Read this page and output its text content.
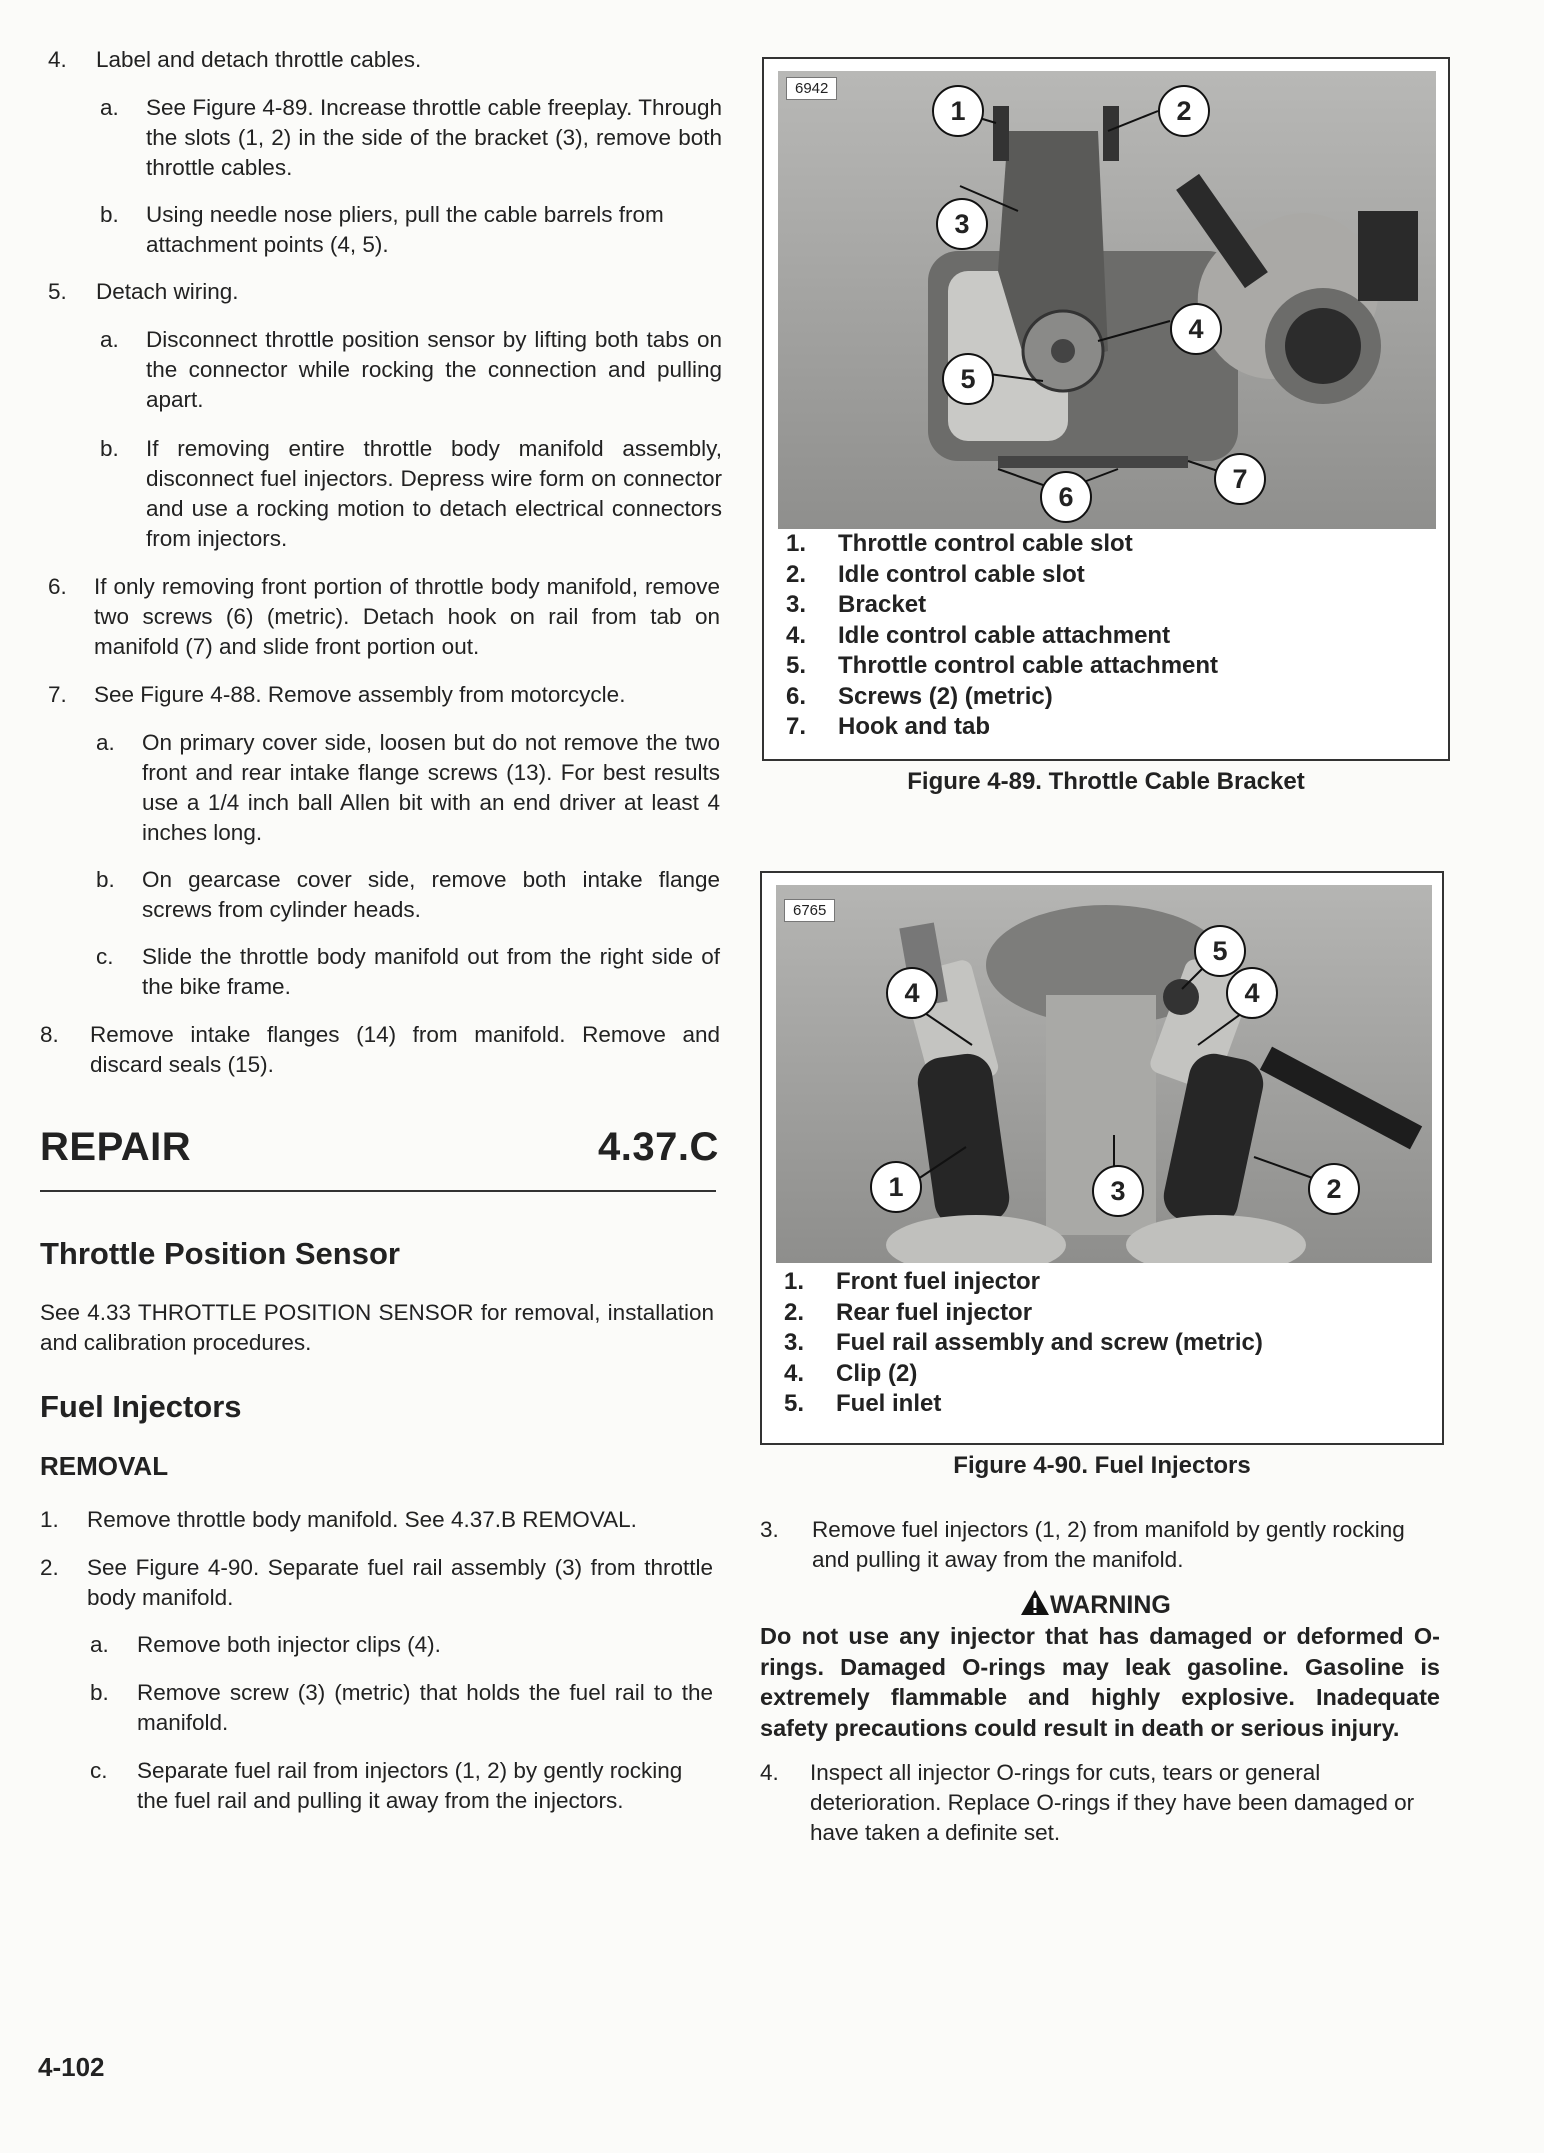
4. Label and detach throttle cables.

a. See Figure 4-89. Increase throttle cable freeplay. Through the slots (1, 2) in the side of the bracket (3), remove both throttle cables.

b. Using needle nose pliers, pull the cable barrels from attachment points (4, 5).

5. Detach wiring.

a. Disconnect throttle position sensor by lifting both tabs on the connector while rocking the connection and pulling apart.

b. If removing entire throttle body manifold assembly, disconnect fuel injectors. Depress wire form on connector and use a rocking motion to detach electrical connectors from injectors.

6. If only removing front portion of throttle body manifold, remove two screws (6) (metric). Detach hook on rail from tab on manifold (7) and slide front portion out.

7. See Figure 4-88. Remove assembly from motorcycle.

a. On primary cover side, loosen but do not remove the two front and rear intake flange screws (13). For best results use a 1/4 inch ball Allen bit with an end driver at least 4 inches long.

b. On gearcase cover side, remove both intake flange screws from cylinder heads.

c. Slide the throttle body manifold out from the right side of the bike frame.

8. Remove intake flanges (14) from manifold. Remove and discard seals (15).

REPAIR	4.37.C
Throttle Position Sensor

See 4.33 THROTTLE POSITION SENSOR for removal, installation and calibration procedures.

Fuel Injectors
REMOVAL
1. Remove throttle body manifold. See 4.37.B REMOVAL.

2. See Figure 4-90. Separate fuel rail assembly (3) from throttle body manifold.

a. Remove both injector clips (4).

b. Remove screw (3) (metric) that holds the fuel rail to the manifold.

c. Separate fuel rail from injectors (1, 2) by gently rocking the fuel rail and pulling it away from the injectors.

4-102
6942
1	2
3
4
5
6
7
1. Throttle control cable slot
2. Idle control cable slot
3. Bracket
4. Idle control cable attachment
5. Throttle control cable attachment
6. Screws (2) (metric)
7. Hook and tab
Figure 4-89. Throttle Cable Bracket
6765
4	4
5
1	3	2
1. Front fuel injector
2. Rear fuel injector
3. Fuel rail assembly and screw (metric)
4. Clip (2)
5. Fuel inlet
Figure 4-90. Fuel Injectors
3. Remove fuel injectors (1, 2) from manifold by gently rocking and pulling it away from the manifold.

WARNING

Do not use any injector that has damaged or deformed O-rings. Damaged O-rings may leak gasoline. Gasoline is extremely flammable and highly explosive. Inadequate safety precautions could result in death or serious injury.

4. Inspect all injector O-rings for cuts, tears or general deterioration. Replace O-rings if they have been damaged or have taken a definite set.
